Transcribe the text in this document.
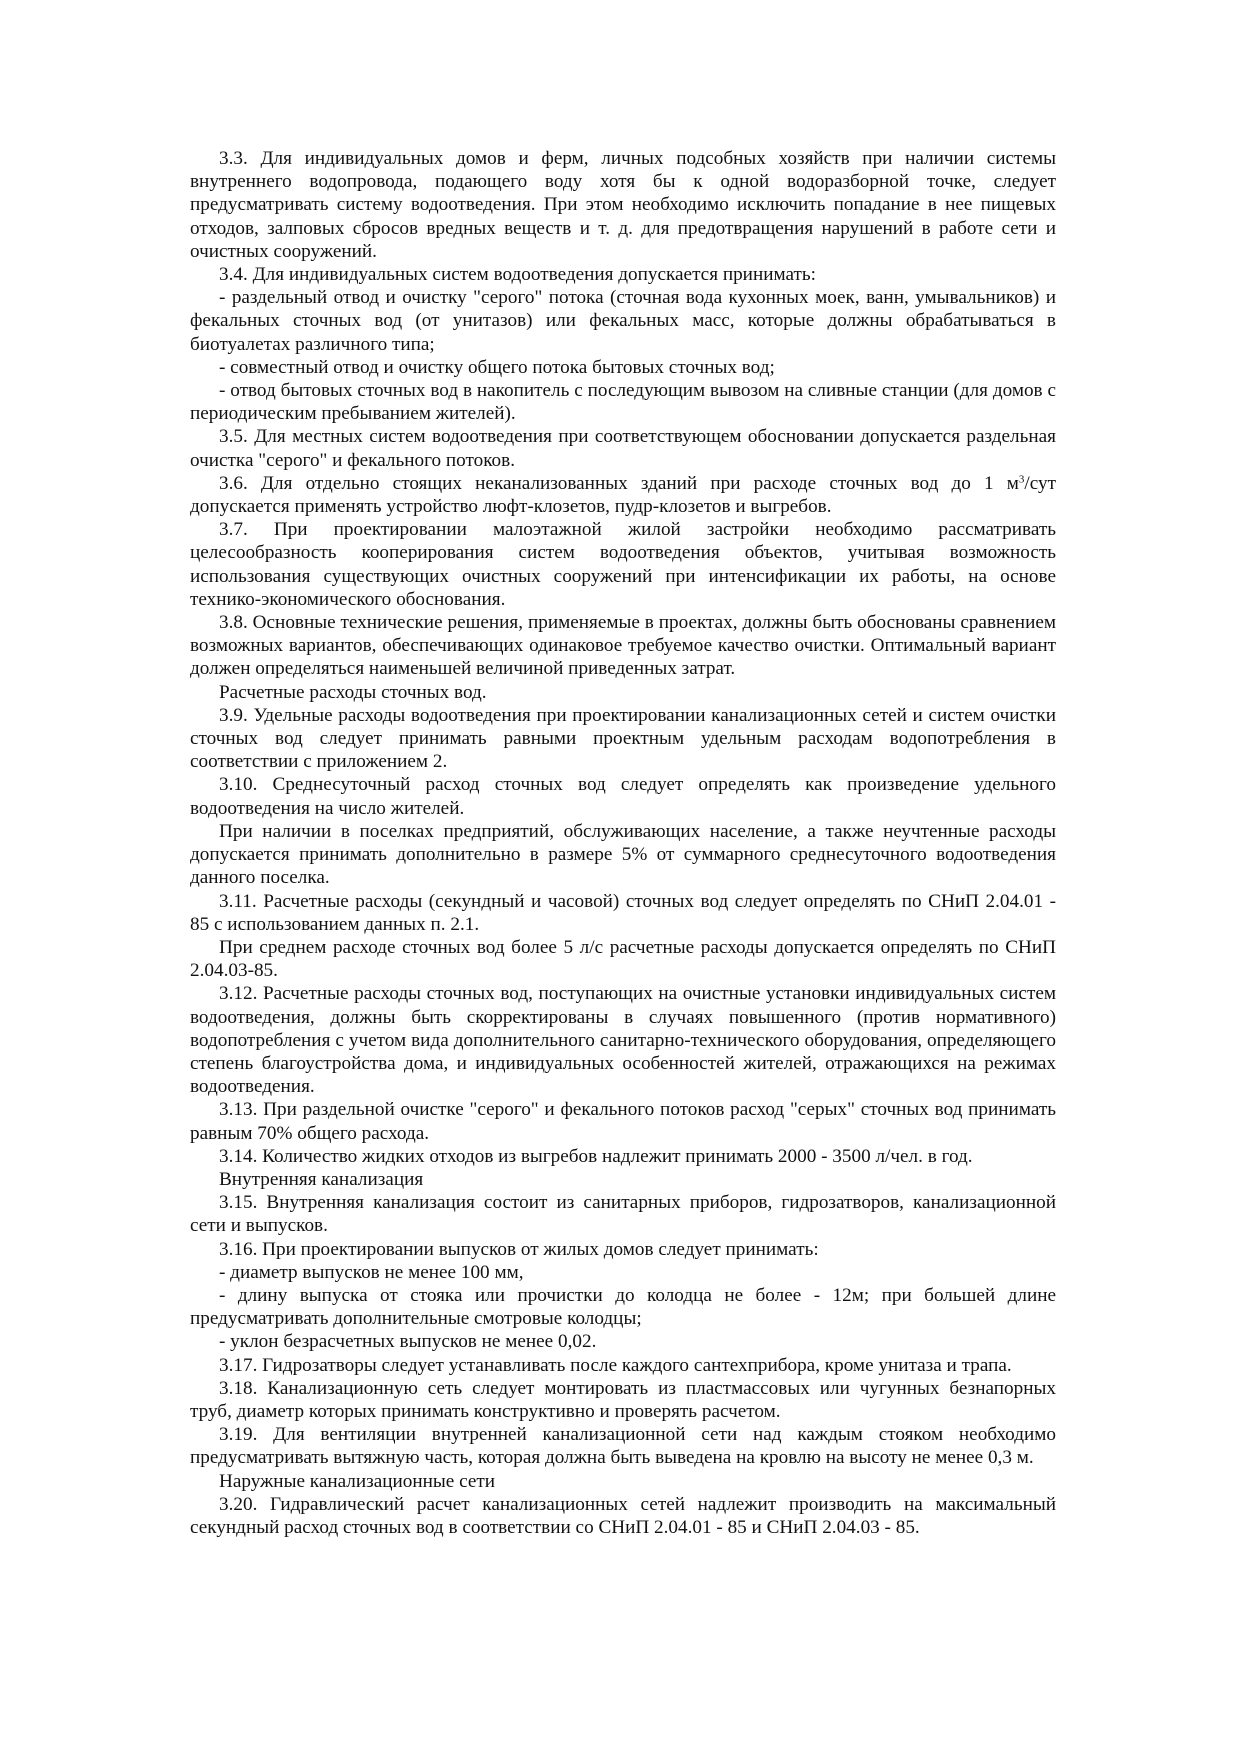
3.3. Для индивидуальных домов и ферм, личных подсобных хозяйств при наличии системы внутреннего водопровода, подающего воду хотя бы к одной водоразборной точке, следует предусматривать систему водоотведения. При этом необходимо исключить попадание в нее пищевых отходов, залповых сбросов вредных веществ и т. д. для предотвращения нарушений в работе сети и очистных сооружений.

3.4. Для индивидуальных систем водоотведения допускается принимать:

- раздельный отвод и очистку "серого" потока (сточная вода кухонных моек, ванн, умывальников) и фекальных сточных вод (от унитазов) или фекальных масс, которые должны обрабатываться в биотуалетах различного типа;

- совместный отвод и очистку общего потока бытовых сточных вод;

- отвод бытовых сточных вод в накопитель с последующим вывозом на сливные станции (для домов с периодическим пребыванием жителей).

3.5. Для местных систем водоотведения при соответствующем обосновании допускается раздельная очистка "серого" и фекального потоков.

3.6. Для отдельно стоящих неканализованных зданий при расходе сточных вод до 1 $м^3$/сут допускается применять устройство люфт-клозетов, пудр-клозетов и выгребов.

3.7. При проектировании малоэтажной жилой застройки необходимо рассматривать целесообразность кооперирования систем водоотведения объектов, учитывая возможность использования существующих очистных сооружений при интенсификации их работы, на основе технико-экономического обоснования.

3.8. Основные технические решения, применяемые в проектах, должны быть обоснованы сравнением возможных вариантов, обеспечивающих одинаковое требуемое качество очистки. Оптимальный вариант должен определяться наименьшей величиной приведенных затрат.

Расчетные расходы сточных вод.

3.9. Удельные расходы водоотведения при проектировании канализационных сетей и систем очистки сточных вод следует принимать равными проектным удельным расходам водопотребления в соответствии с приложением 2.

3.10. Среднесуточный расход сточных вод следует определять как произведение удельного водоотведения на число жителей.

При наличии в поселках предприятий, обслуживающих население, а также неучтенные расходы допускается принимать дополнительно в размере 5% от суммарного среднесуточного водоотведения данного поселка.

3.11. Расчетные расходы (секундный и часовой) сточных вод следует определять по СНиП 2.04.01 - 85 с использованием данных п. 2.1.

При среднем расходе сточных вод более 5 л/с расчетные расходы допускается определять по СНиП 2.04.03-85.

3.12. Расчетные расходы сточных вод, поступающих на очистные установки индивидуальных систем водоотведения, должны быть скорректированы в случаях повышенного (против нормативного) водопотребления с учетом вида дополнительного санитарно-технического оборудования, определяющего степень благоустройства дома, и индивидуальных особенностей жителей, отражающихся на режимах водоотведения.

3.13. При раздельной очистке "серого" и фекального потоков расход "серых" сточных вод принимать равным 70% общего расхода.

3.14. Количество жидких отходов из выгребов надлежит принимать 2000 - 3500 л/чел. в год.

Внутренняя канализация

3.15. Внутренняя канализация состоит из санитарных приборов, гидрозатворов, канализационной сети и выпусков.

3.16. При проектировании выпусков от жилых домов следует принимать:

- диаметр выпусков не менее 100 мм,

- длину выпуска от стояка или прочистки до колодца не более - 12м; при большей длине предусматривать дополнительные смотровые колодцы;

- уклон безрасчетных выпусков не менее 0,02.

3.17. Гидрозатворы следует устанавливать после каждого сантехприбора, кроме унитаза и трапа.

3.18. Канализационную сеть следует монтировать из пластмассовых или чугунных безнапорных труб, диаметр которых принимать конструктивно и проверять расчетом.

3.19. Для вентиляции внутренней канализационной сети над каждым стояком необходимо предусматривать вытяжную часть, которая должна быть выведена на кровлю на высоту не менее 0,3 м.

Наружные канализационные сети

3.20. Гидравлический расчет канализационных сетей надлежит производить на максимальный секундный расход сточных вод в соответствии со СНиП 2.04.01 - 85 и СНиП 2.04.03 - 85.
